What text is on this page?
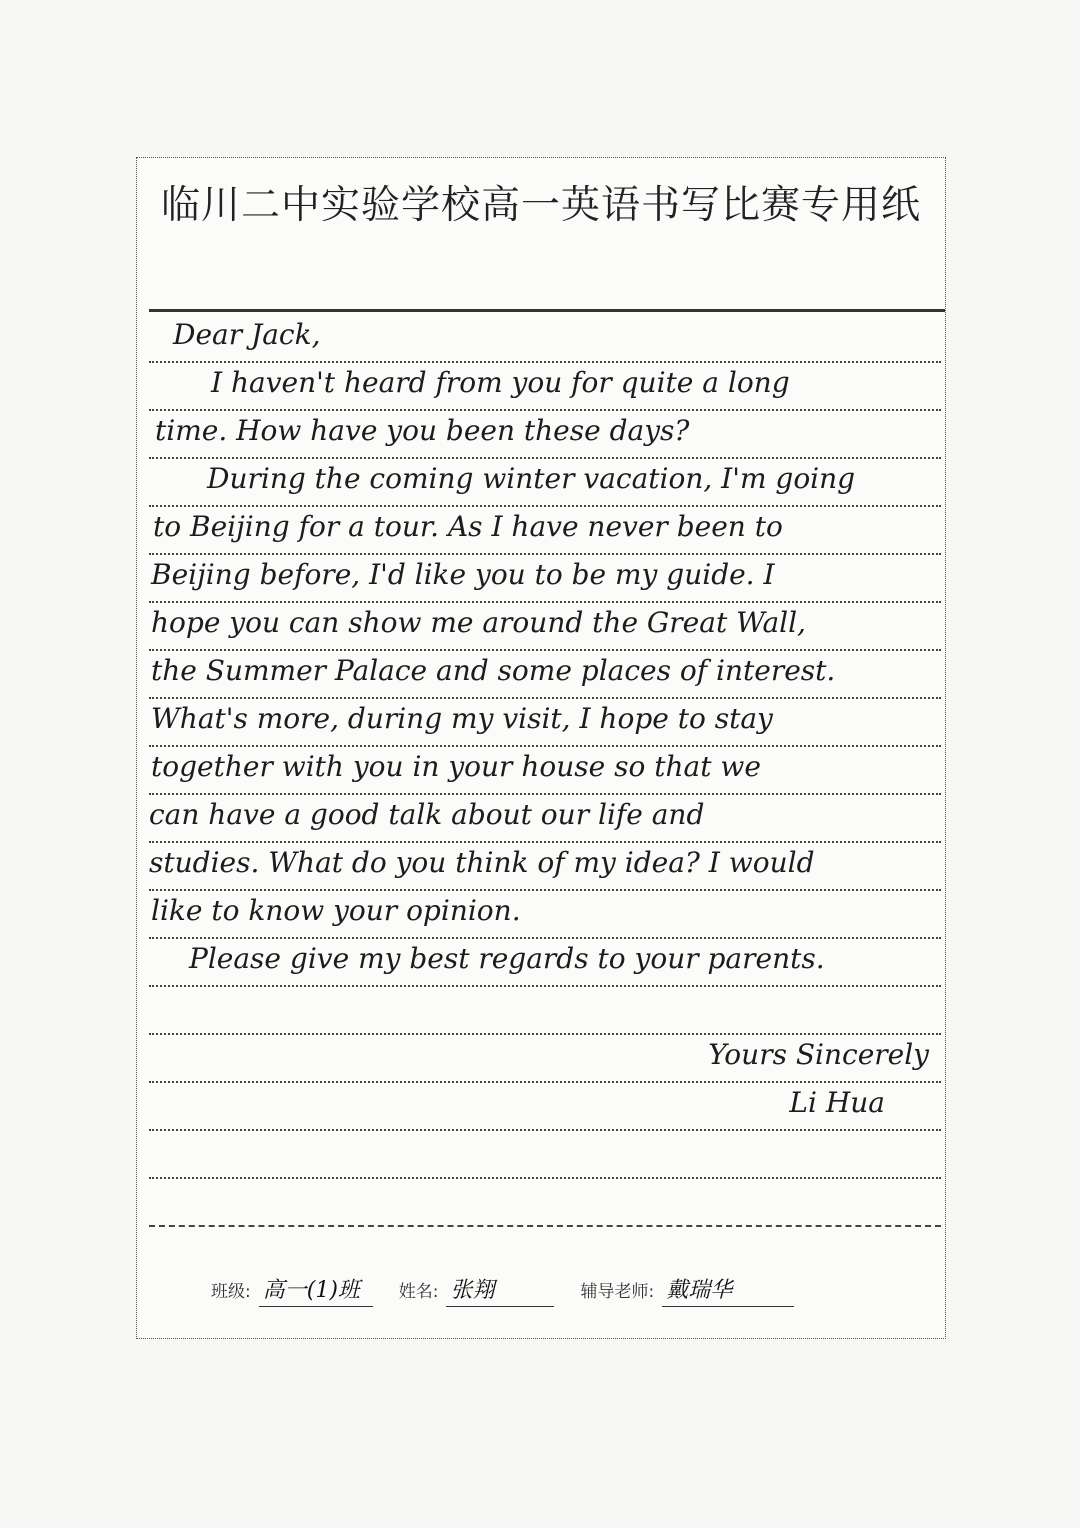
临川二中实验学校高一英语书写比赛专用纸
Dear Jack,
I haven't heard from you for quite a long
time. How have you been these days?
During the coming winter vacation, I'm going
to Beijing for a tour. As I have never been to
Beijing before, I'd like you to be my guide. I
hope you can show me around the Great Wall,
the Summer Palace and some places of interest.
What's more, during my visit, I hope to stay
together with you in your house so that we
can have a good talk about our life and
studies. What do you think of my idea? I would
like to know your opinion.
Please give my best regards to your parents.
Yours Sincerely
Li Hua
班级: 高一(1)班	姓名: 张翔	辅导老师: 戴瑞华
